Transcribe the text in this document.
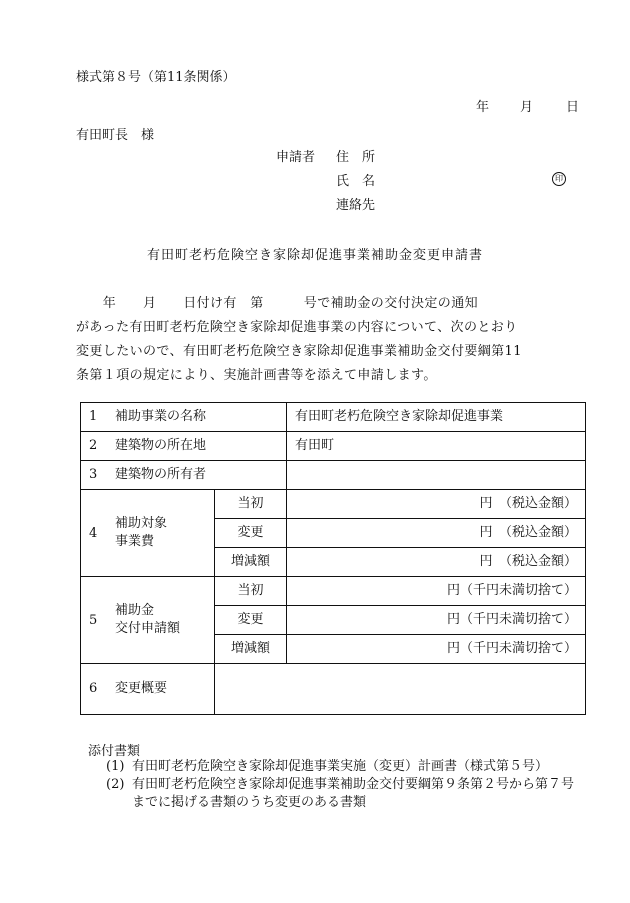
様式第８号（第11条関係）
年 月	日
有田町長　様
申請者 住　所
氏　名	印
連絡先
有田町老朽危険空き家除却促進事業補助金変更申請書
　　年　　月　　日付け有　第　　　号で補助金の交付決定の通知
があった有田町老朽危険空き家除却促進事業の内容について、次のとおり
変更したいので、有田町老朽危険空き家除却促進事業補助金交付要綱第11
条第１項の規定により、実施計画書等を添えて申請します。
1 補助事業の名称		有田町老朽危険空き家除却促進事業
2 建築物の所在地		有田町
3 建築物の所有者		
4補助対象
事業費	当初	円　（税込金額）
	変更	円　（税込金額）
	増減額	円　（税込金額）
5補助金
交付申請額	当初	円（千円未満切捨て）
	変更	円（千円未満切捨て）
	増減額	円（千円未満切捨て）
6 変更概要		
添付書類
(1) 有田町老朽危険空き家除却促進事業実施（変更）計画書（様式第５号）
(2) 有田町老朽危険空き家除却促進事業補助金交付要綱第９条第２号から第７号までに掲げる書類のうち変更のある書類
